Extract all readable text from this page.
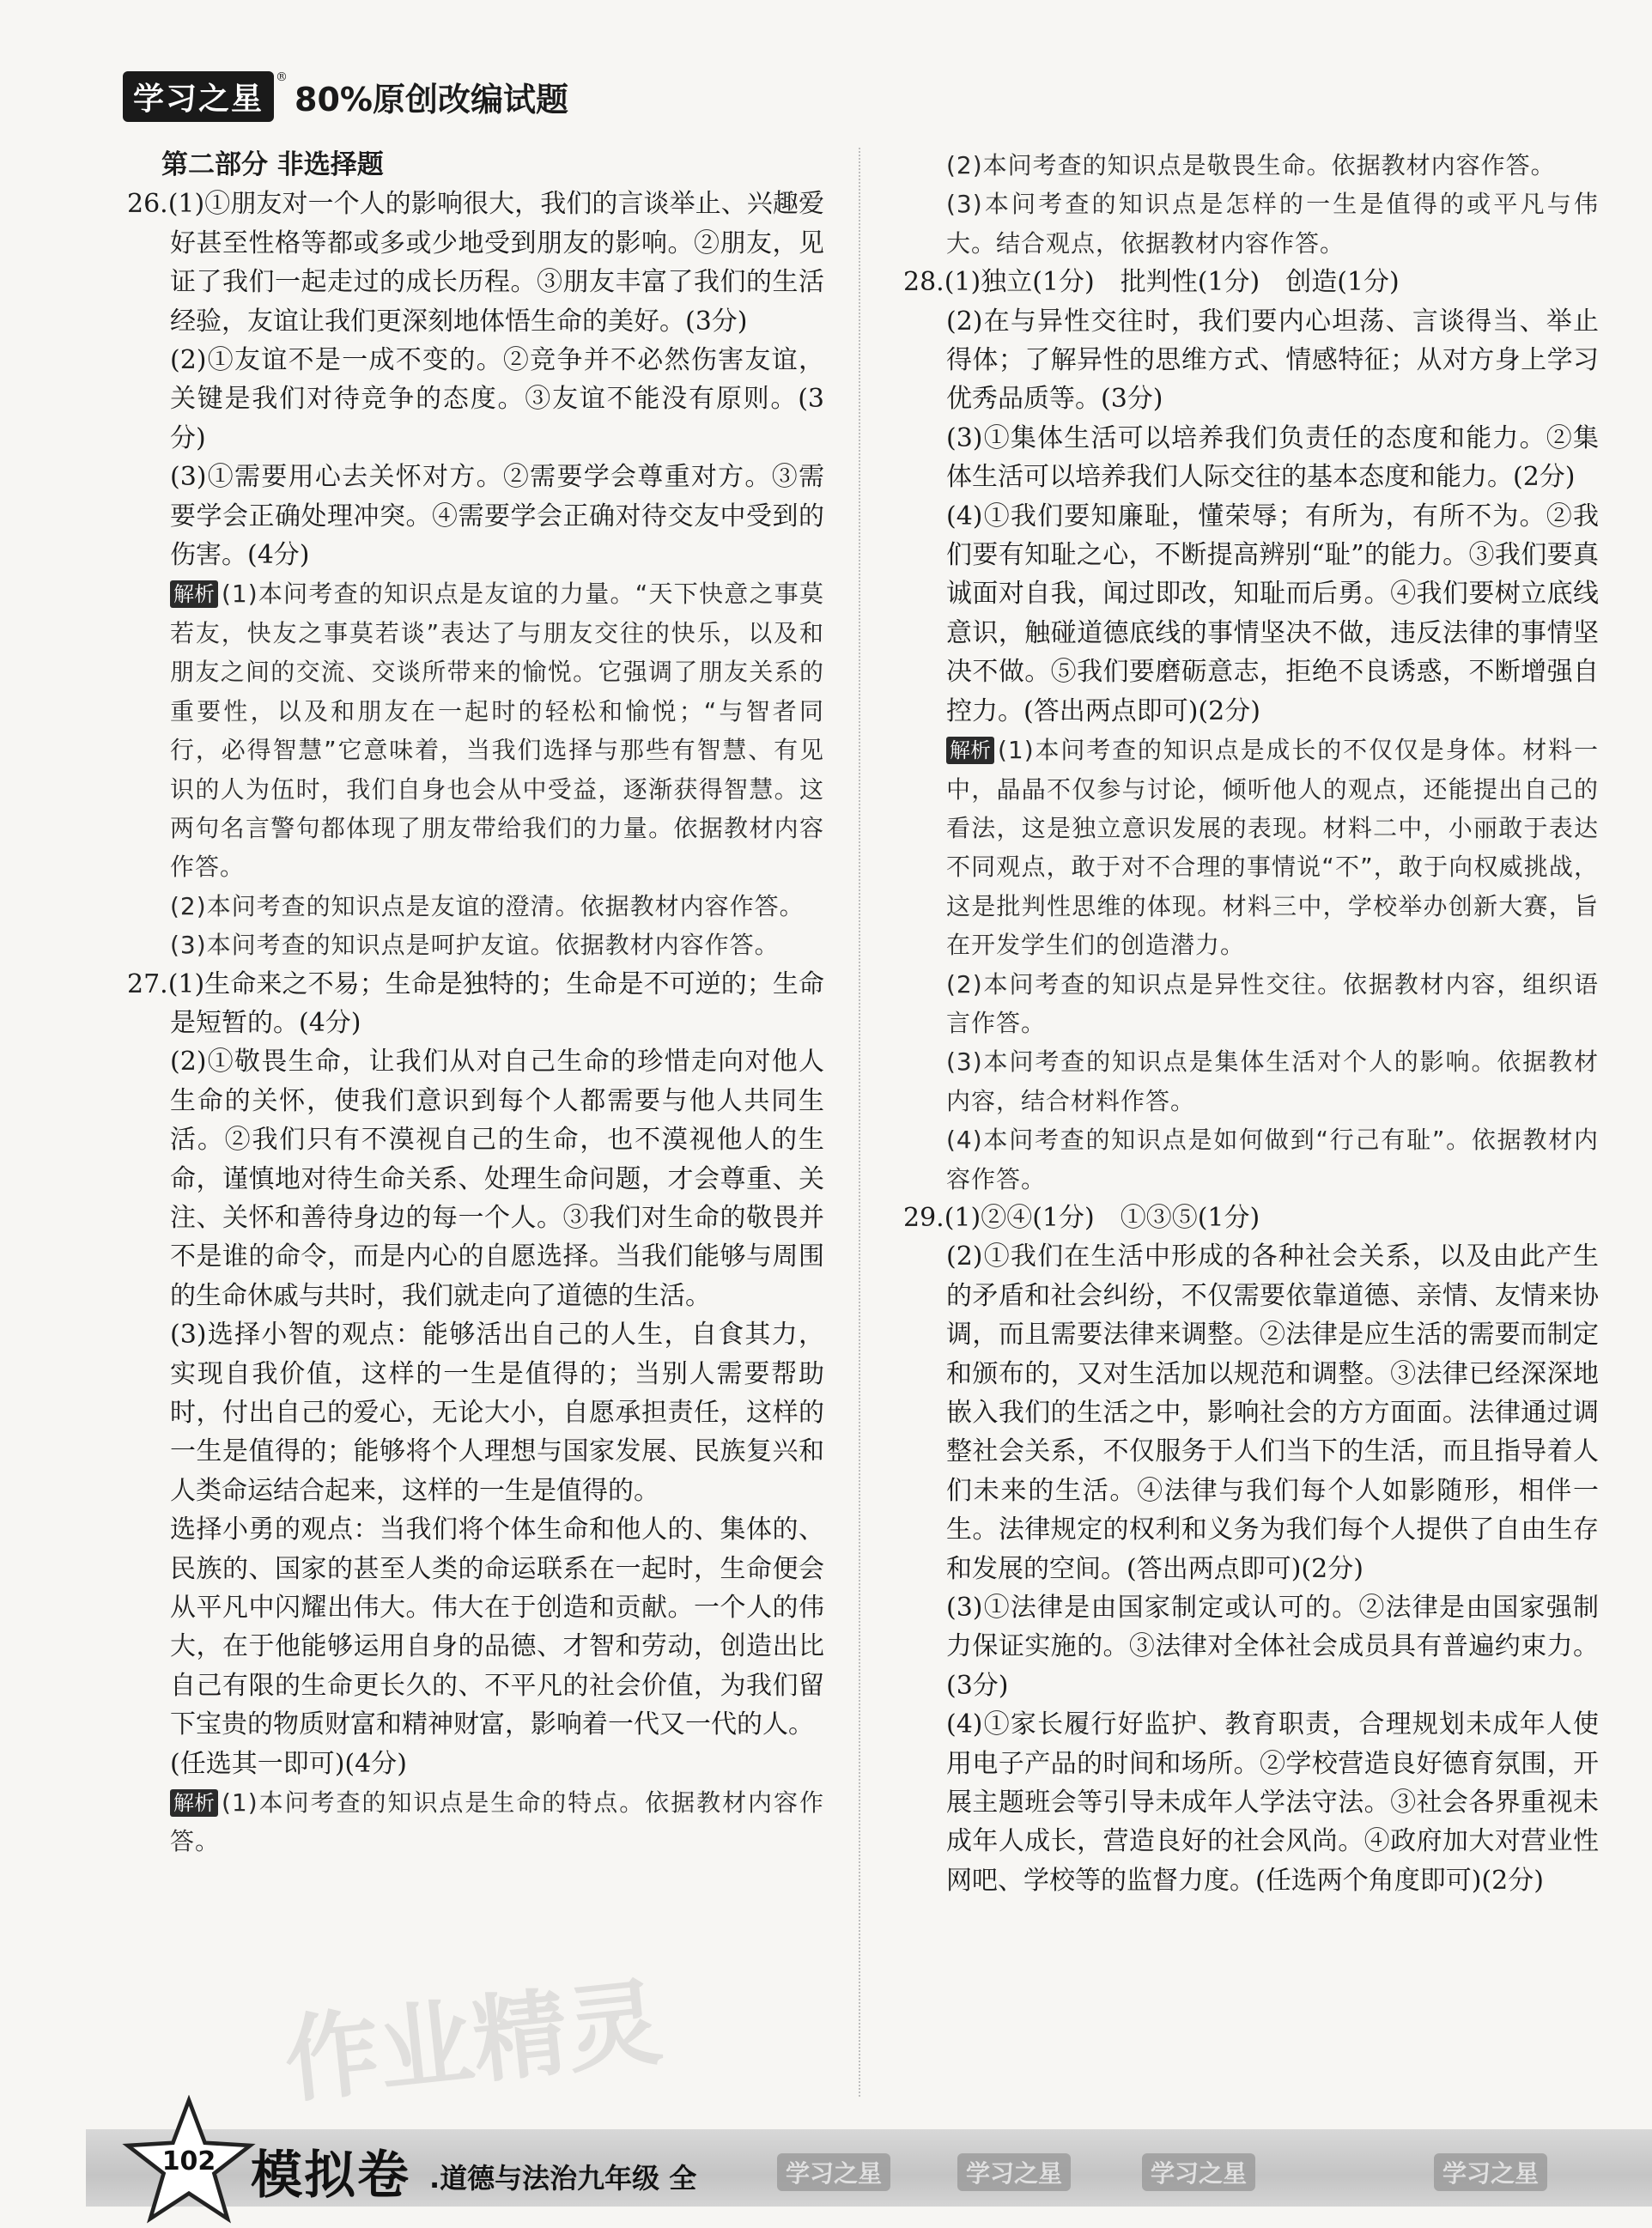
学习之星
®
80%原创改编试题

第二部分 非选择题

26.(1)①朋友对一个人的影响很大，我们的言谈举止、兴趣爱好甚至性格等都或多或少地受到朋友的影响。②朋友，见证了我们一起走过的成长历程。③朋友丰富了我们的生活经验，友谊让我们更深刻地体悟生命的美好。(3分)

(2)①友谊不是一成不变的。②竞争并不必然伤害友谊，关键是我们对待竞争的态度。③友谊不能没有原则。(3分)

(3)①需要用心去关怀对方。②需要学会尊重对方。③需要学会正确处理冲突。④需要学会正确对待交友中受到的伤害。(4分)

解析 (1)本问考查的知识点是友谊的力量。“天下快意之事莫若友，快友之事莫若谈”表达了与朋友交往的快乐，以及和朋友之间的交流、交谈所带来的愉悦。它强调了朋友关系的重要性，以及和朋友在一起时的轻松和愉悦；“与智者同行，必得智慧”它意味着，当我们选择与那些有智慧、有见识的人为伍时，我们自身也会从中受益，逐渐获得智慧。这两句名言警句都体现了朋友带给我们的力量。依据教材内容作答。

(2)本问考查的知识点是友谊的澄清。依据教材内容作答。

(3)本问考查的知识点是呵护友谊。依据教材内容作答。

27.(1)生命来之不易；生命是独特的；生命是不可逆的；生命是短暂的。(4分)

(2)①敬畏生命，让我们从对自己生命的珍惜走向对他人生命的关怀，使我们意识到每个人都需要与他人共同生活。②我们只有不漠视自己的生命，也不漠视他人的生命，谨慎地对待生命关系、处理生命问题，才会尊重、关注、关怀和善待身边的每一个人。③我们对生命的敬畏并不是谁的命令，而是内心的自愿选择。当我们能够与周围的生命休戚与共时，我们就走向了道德的生活。

(3)选择小智的观点：能够活出自己的人生，自食其力，实现自我价值，这样的一生是值得的；当别人需要帮助时，付出自己的爱心，无论大小，自愿承担责任，这样的一生是值得的；能够将个人理想与国家发展、民族复兴和人类命运结合起来，这样的一生是值得的。

选择小勇的观点：当我们将个体生命和他人的、集体的、民族的、国家的甚至人类的命运联系在一起时，生命便会从平凡中闪耀出伟大。伟大在于创造和贡献。一个人的伟大，在于他能够运用自身的品德、才智和劳动，创造出比自己有限的生命更长久的、不平凡的社会价值，为我们留下宝贵的物质财富和精神财富，影响着一代又一代的人。

(任选其一即可)(4分)

解析 (1)本问考查的知识点是生命的特点。依据教材内容作答。

(2)本问考查的知识点是敬畏生命。依据教材内容作答。

(3)本问考查的知识点是怎样的一生是值得的或平凡与伟大。结合观点，依据教材内容作答。

28.(1)独立(1分)　批判性(1分)　创造(1分)

(2)在与异性交往时，我们要内心坦荡、言谈得当、举止得体；了解异性的思维方式、情感特征；从对方身上学习优秀品质等。(3分)

(3)①集体生活可以培养我们负责任的态度和能力。②集体生活可以培养我们人际交往的基本态度和能力。(2分)

(4)①我们要知廉耻，懂荣辱；有所为，有所不为。②我们要有知耻之心，不断提高辨别“耻”的能力。③我们要真诚面对自我，闻过即改，知耻而后勇。④我们要树立底线意识，触碰道德底线的事情坚决不做，违反法律的事情坚决不做。⑤我们要磨砺意志，拒绝不良诱惑，不断增强自控力。(答出两点即可)(2分)

解析 (1)本问考查的知识点是成长的不仅仅是身体。材料一中，晶晶不仅参与讨论，倾听他人的观点，还能提出自己的看法，这是独立意识发展的表现。材料二中，小丽敢于表达不同观点，敢于对不合理的事情说“不”，敢于向权威挑战，这是批判性思维的体现。材料三中，学校举办创新大赛，旨在开发学生们的创造潜力。

(2)本问考查的知识点是异性交往。依据教材内容，组织语言作答。

(3)本问考查的知识点是集体生活对个人的影响。依据教材内容，结合材料作答。

(4)本问考查的知识点是如何做到“行己有耻”。依据教材内容作答。

29.(1)②④(1分)　①③⑤(1分)

(2)①我们在生活中形成的各种社会关系，以及由此产生的矛盾和社会纠纷，不仅需要依靠道德、亲情、友情来协调，而且需要法律来调整。②法律是应生活的需要而制定和颁布的，又对生活加以规范和调整。③法律已经深深地嵌入我们的生活之中，影响社会的方方面面。法律通过调整社会关系，不仅服务于人们当下的生活，而且指导着人们未来的生活。④法律与我们每个人如影随形，相伴一生。法律规定的权利和义务为我们每个人提供了自由生存和发展的空间。(答出两点即可)(2分)

(3)①法律是由国家制定或认可的。②法律是由国家强制力保证实施的。③法律对全体社会成员具有普遍约束力。(3分)

(4)①家长履行好监护、教育职责，合理规划未成年人使用电子产品的时间和场所。②学校营造良好德育氛围，开展主题班会等引导未成年人学法守法。③社会各界重视未成年人成长，营造良好的社会风尚。④政府加大对营业性网吧、学校等的监督力度。(任选两个角度即可)(2分)

作业精灵
102 模拟卷 .道德与法治九年级 全	学习之星	学习之星	学习之星	学习之星
